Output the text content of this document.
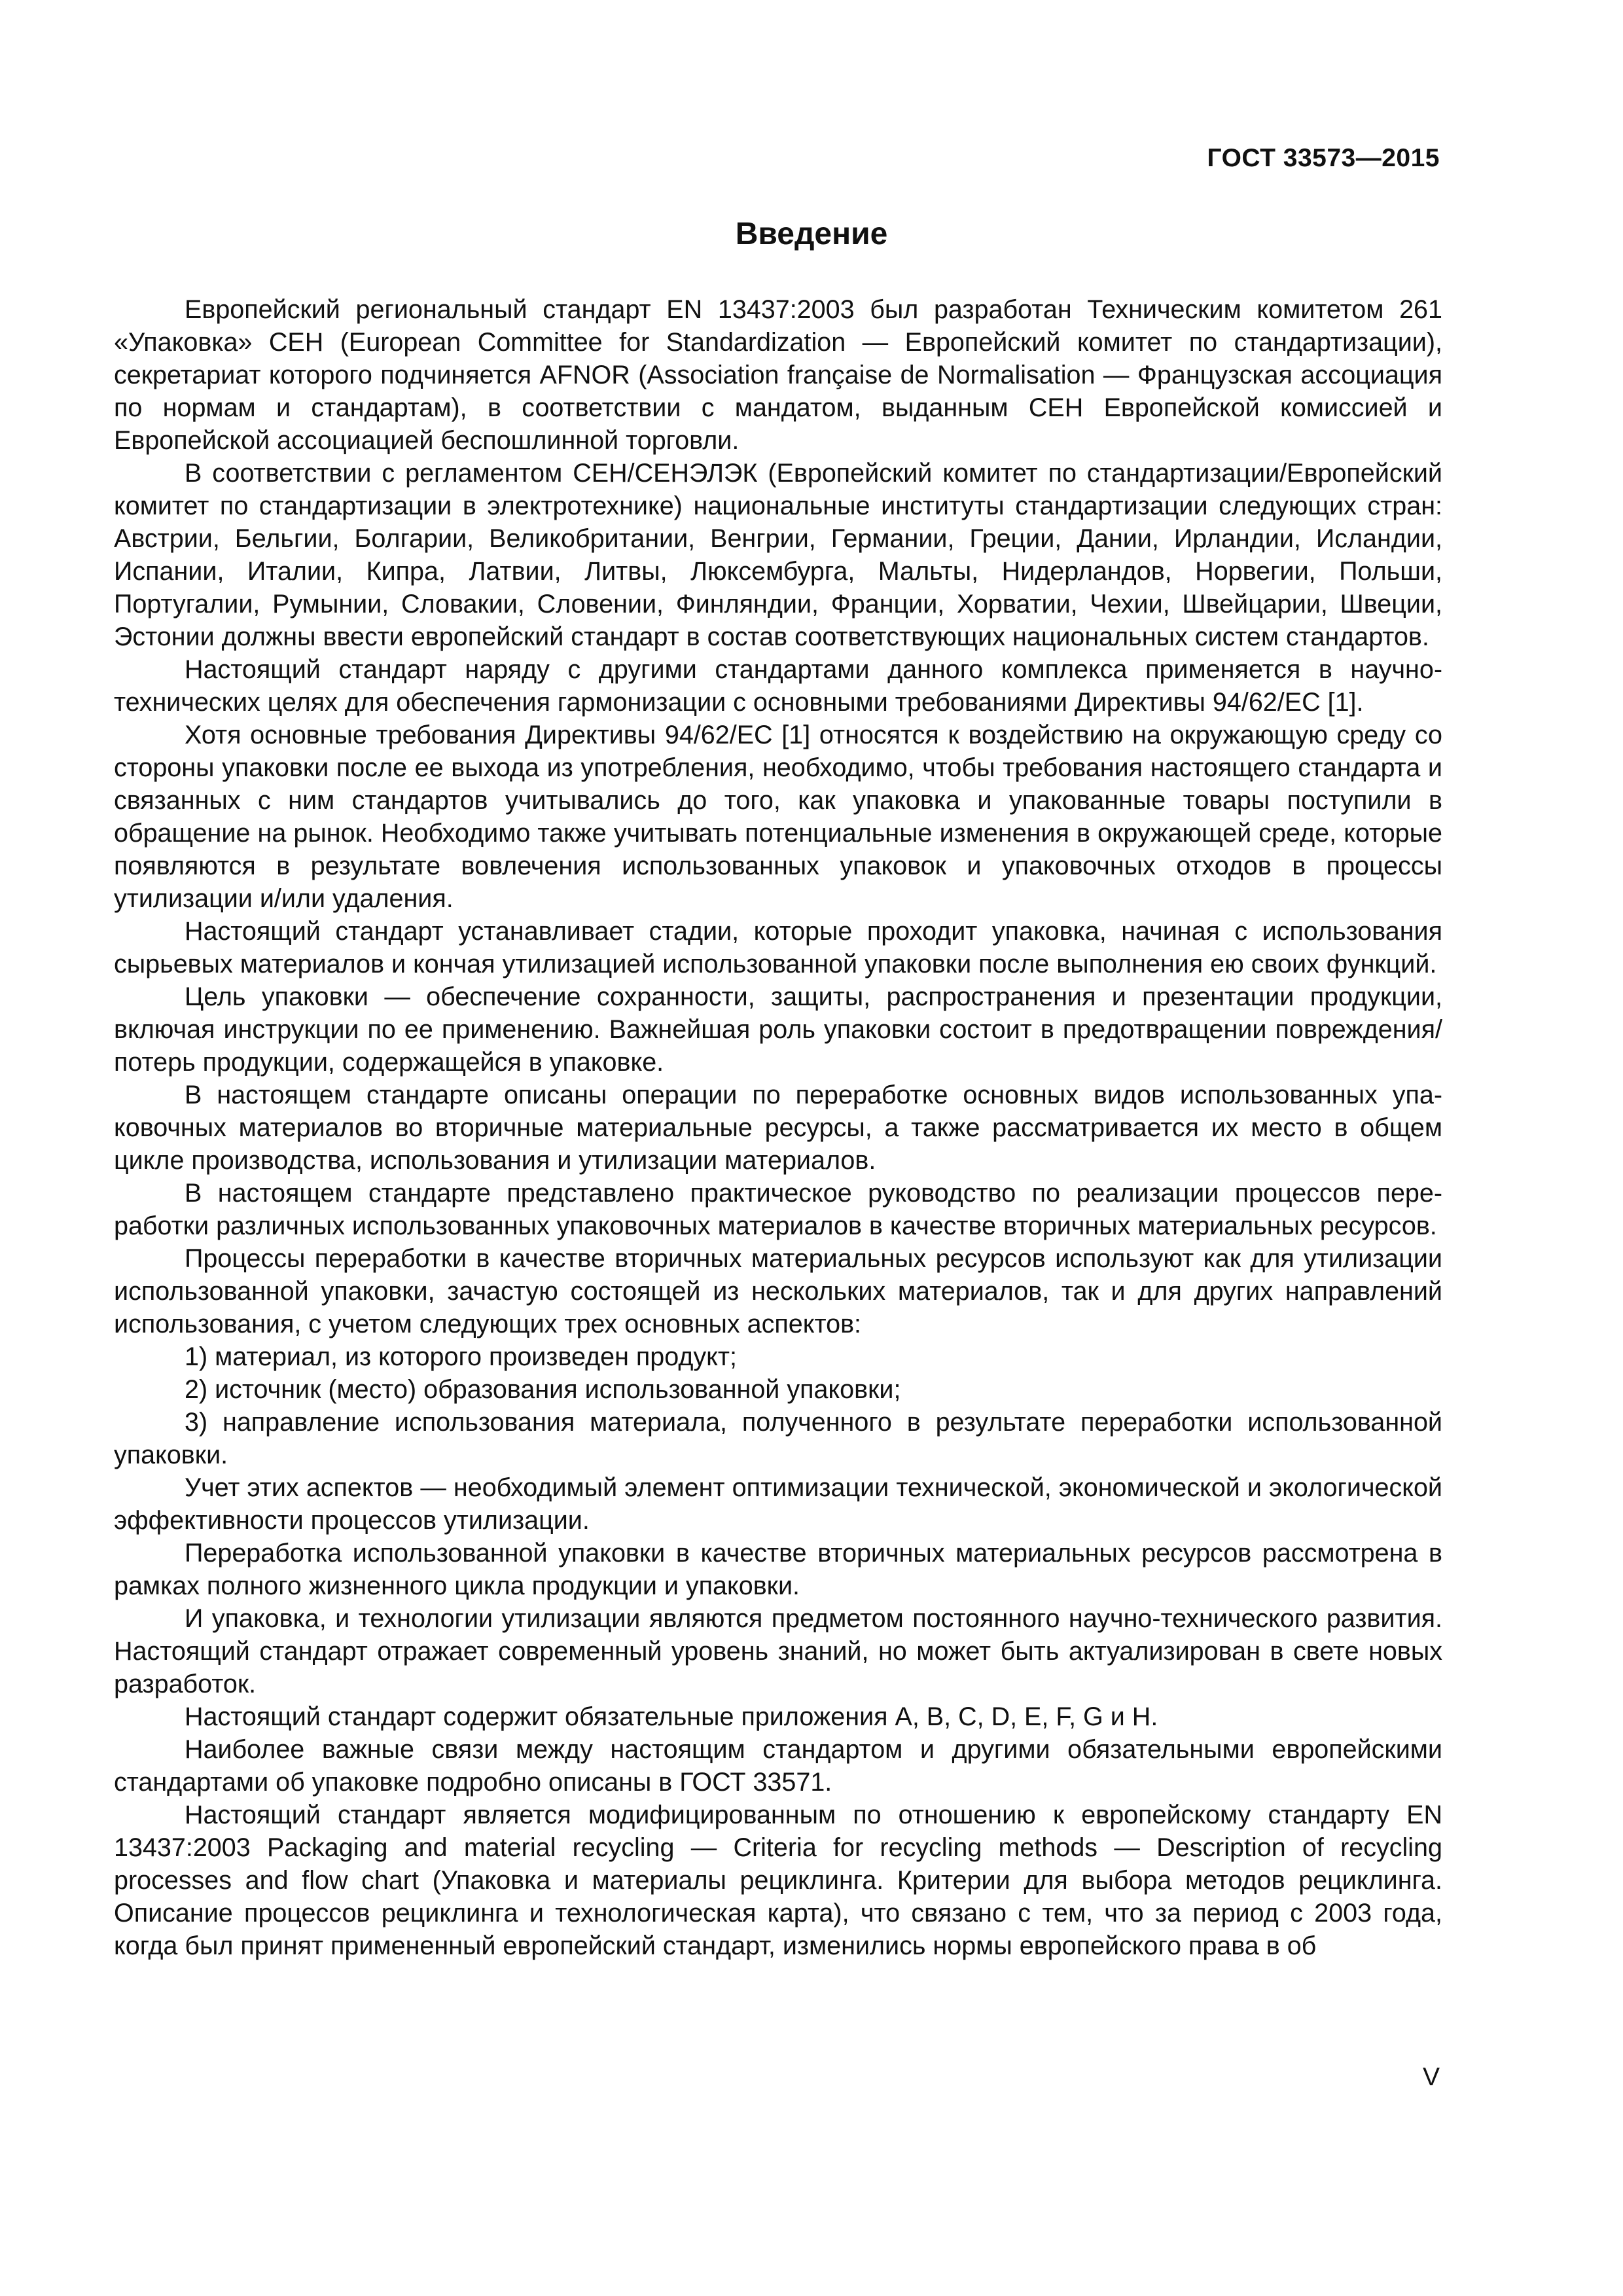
ГОСТ 33573—2015
Введение

Европейский региональный стандарт EN 13437:2003 был разработан Техническим комитетом 261 «Упаковка» CEH (European Committee for Standardization — Европейский комитет по стандартизации), секретариат которого подчиняется AFNOR (Association française de Normalisation — Французская ассоциация по нормам и стандартам), в соответствии с мандатом, выданным СЕН Европейской комиссией и Европейской ассоциацией беспошлинной торговли.

В соответствии с регламентом СЕН/СЕНЭЛЭК (Европейский комитет по стандартизации/Европейский комитет по стандартизации в электротехнике) национальные институты стандартизации следующих стран: Австрии, Бельгии, Болгарии, Великобритании, Венгрии, Германии, Греции, Дании, Ирландии, Исландии, Испании, Италии, Кипра, Латвии, Литвы, Люксембурга, Мальты, Нидерландов, Норвегии, Польши, Португалии, Румынии, Словакии, Словении, Финляндии, Франции, Хорватии, Чехии, Швейцарии, Швеции, Эстонии должны ввести европейский стандарт в состав соответствующих национальных систем стандартов.

Настоящий стандарт наряду с другими стандартами данного комплекса применяется в научно-технических целях для обеспечения гармонизации с основными требованиями Директивы 94/62/ЕС [1].

Хотя основные требования Директивы 94/62/ЕС [1] относятся к воздействию на окружающую среду со стороны упаковки после ее выхода из употребления, необходимо, чтобы требования настоящего стандарта и связанных с ним стандартов учитывались до того, как упаковка и упакованные товары поступили в обращение на рынок. Необходимо также учитывать потенциальные изменения в окружающей среде, которые появляются в результате вовлечения использованных упаковок и упаковочных отходов в процессы утилизации и/или удаления.

Настоящий стандарт устанавливает стадии, которые проходит упаковка, начиная с использования сырьевых материалов и кончая утилизацией использованной упаковки после выполнения ею своих функций.

Цель упаковки — обеспечение сохранности, защиты, распространения и презентации продукции, включая инструкции по ее применению. Важнейшая роль упаковки состоит в предотвращении повреждения/потерь продукции, содержащейся в упаковке.

В настоящем стандарте описаны операции по переработке основных видов использованных упаковочных материалов во вторичные материальные ресурсы, а также рассматривается их место в общем цикле производства, использования и утилизации материалов.

В настоящем стандарте представлено практическое руководство по реализации процессов переработки различных использованных упаковочных материалов в качестве вторичных материальных ресурсов.

Процессы переработки в качестве вторичных материальных ресурсов используют как для утилизации использованной упаковки, зачастую состоящей из нескольких материалов, так и для других направлений использования, с учетом следующих трех основных аспектов:

1) материал, из которого произведен продукт;

2) источник (место) образования использованной упаковки;

3) направление использования материала, полученного в результате переработки использованной упаковки.

Учет этих аспектов — необходимый элемент оптимизации технической, экономической и экологической эффективности процессов утилизации.

Переработка использованной упаковки в качестве вторичных материальных ресурсов рассмотрена в рамках полного жизненного цикла продукции и упаковки.

И упаковка, и технологии утилизации являются предметом постоянного научно-технического развития. Настоящий стандарт отражает современный уровень знаний, но может быть актуализирован в свете новых разработок.

Настоящий стандарт содержит обязательные приложения А, В, С, D, E, F, G и Н.

Наиболее важные связи между настоящим стандартом и другими обязательными европейскими стандартами об упаковке подробно описаны в ГОСТ 33571.

Настоящий стандарт является модифицированным по отношению к европейскому стандарту EN 13437:2003 Packaging and material recycling — Criteria for recycling methods — Description of recycling processes and flow chart (Упаковка и материалы рециклинга. Критерии для выбора методов рециклинга. Описание процессов рециклинга и технологическая карта), что связано с тем, что за период с 2003 года, когда был принят примененный европейский стандарт, изменились нормы европейского права в об

V
